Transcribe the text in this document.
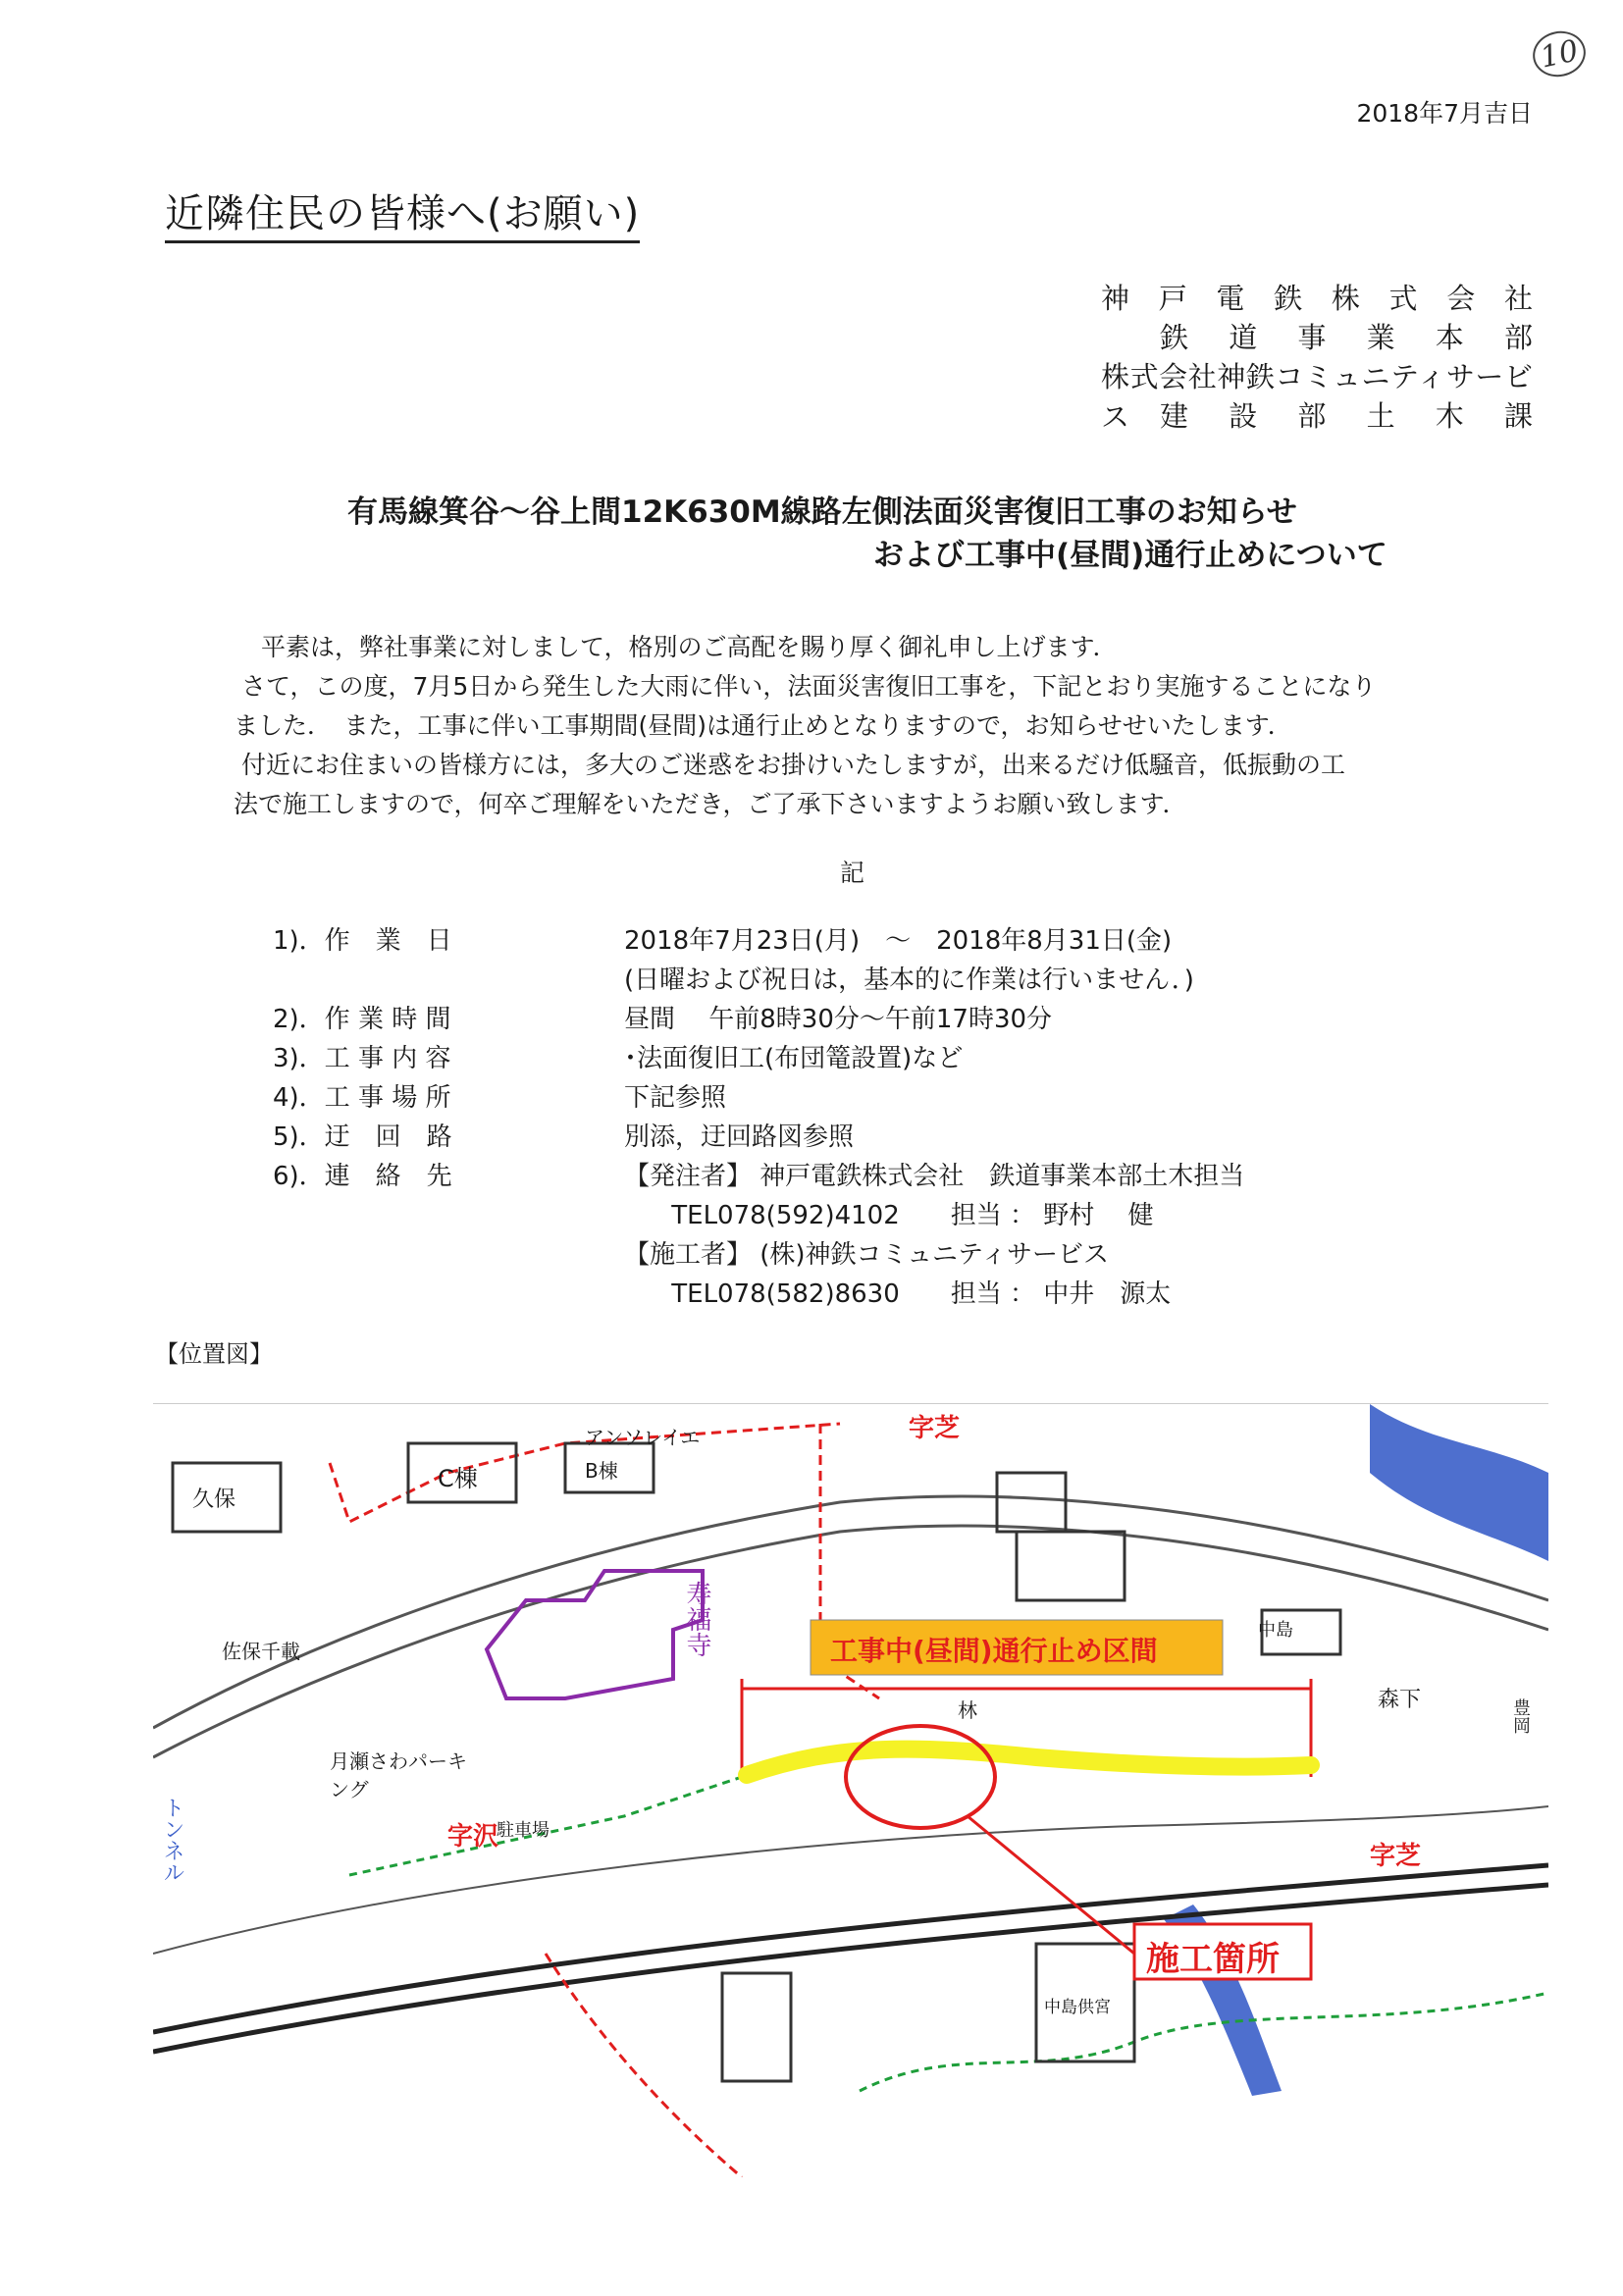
10
2018年7月吉日
近隣住民の皆様へ(お願い)
神戸電鉄株式会社
鉄道事業本部
株式会社神鉄コミュニティサービス	建設部土木課
有馬線箕谷〜谷上間12K630M線路左側法面災害復旧工事のお知らせ
および工事中(昼間)通行止めについて
平素は，弊社事業に対しまして，格別のご高配を賜り厚く御礼申し上げます．
さて，この度，7月5日から発生した大雨に伴い，法面災害復旧工事を，下記とおり実施することになり
ました．　また，工事に伴い工事期間(昼間)は通行止めとなりますので，お知らせせいたします．
付近にお住まいの皆様方には，多大のご迷惑をお掛けいたしますが，出来るだけ低騒音，低振動の工
法で施工しますので，何卒ご理解をいただき，ご了承下さいますようお願い致します．
記
1)．作　業　日	2018年7月23日(月)　〜　2018年8月31日(金)
(日曜および祝日は，基本的に作業は行いません．)
2)．作 業 時 間	昼間　 午前8時30分〜午前17時30分
3)．工 事 内 容	･法面復旧工(布団篭設置)など
4)．工 事 場 所	下記参照
5)．迂　回　路	別添，迂回路図参照
6)．連　絡　先	【発注者】 神戸電鉄株式会社　鉄道事業本部土木担当
　 TEL078(592)4102　　担当 ： 野村　 健
【施工者】 (株)神鉄コミュニティサービス
　 TEL078(582)8630　　担当 ： 中井　源太
【位置図】
工事中(昼間)通行止め区間
施工箇所
字芝
字芝
字沢
久保
C棟	B棟
アンソレイエ
寿福寺
佐保千載
月瀬さわパーキング
駐車場
森下
林
中島
中島供宮
トンネル
豊岡
